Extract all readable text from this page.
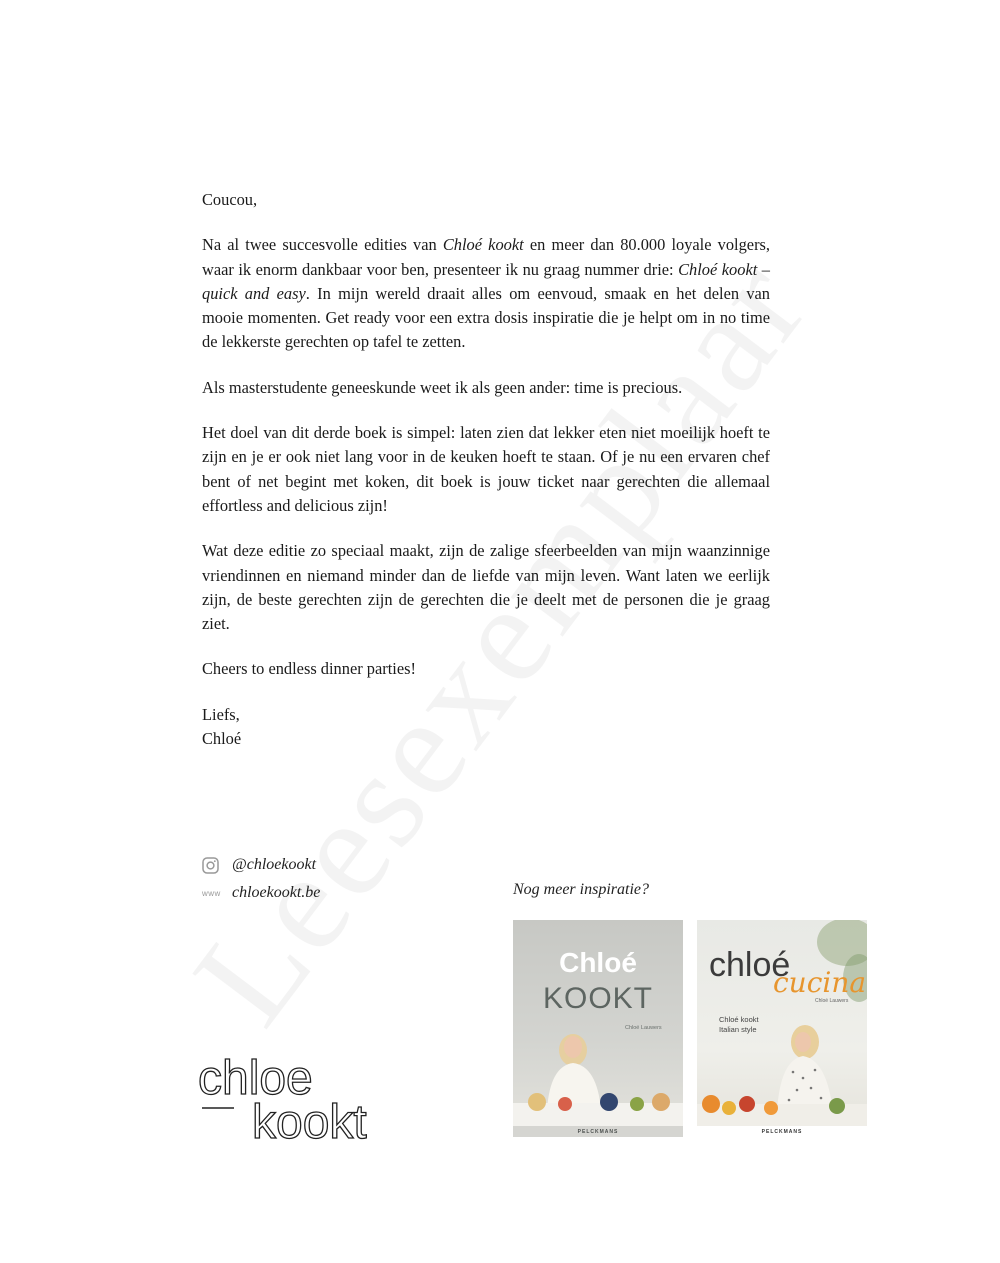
Coucou,

Na al twee succesvolle edities van Chloé kookt en meer dan 80.000 loyale volgers, waar ik enorm dankbaar voor ben, presenteer ik nu graag nummer drie: Chloé kookt – quick and easy. In mijn wereld draait alles om eenvoud, smaak en het delen van mooie momenten. Get ready voor een extra dosis inspiratie die je helpt om in no time de lekkerste gerechten op tafel te zetten.

Als masterstudente geneeskunde weet ik als geen ander: time is precious.

Het doel van dit derde boek is simpel: laten zien dat lekker eten niet moeilijk hoeft te zijn en je er ook niet lang voor in de keuken hoeft te staan. Of je nu een ervaren chef bent of net begint met koken, dit boek is jouw ticket naar gerechten die allemaal effortless and delicious zijn!

Wat deze editie zo speciaal maakt, zijn de zalige sfeerbeelden van mijn waanzinnige vriendinnen en niemand minder dan de liefde van mijn leven. Want laten we eerlijk zijn, de beste gerechten zijn de gerechten die je deelt met de personen die je graag ziet.

Cheers to endless dinner parties!

Liefs,
Chloé

@chloekookt
www chloekookt.be	Nog meer inspiratie?
chloe
kookt
Chloé
KOOKT
Chloé Lauwers
PELCKMANS
chloé
cucina
Chloé Lauwers
Chloé kookt
Italian style
PELCKMANS
